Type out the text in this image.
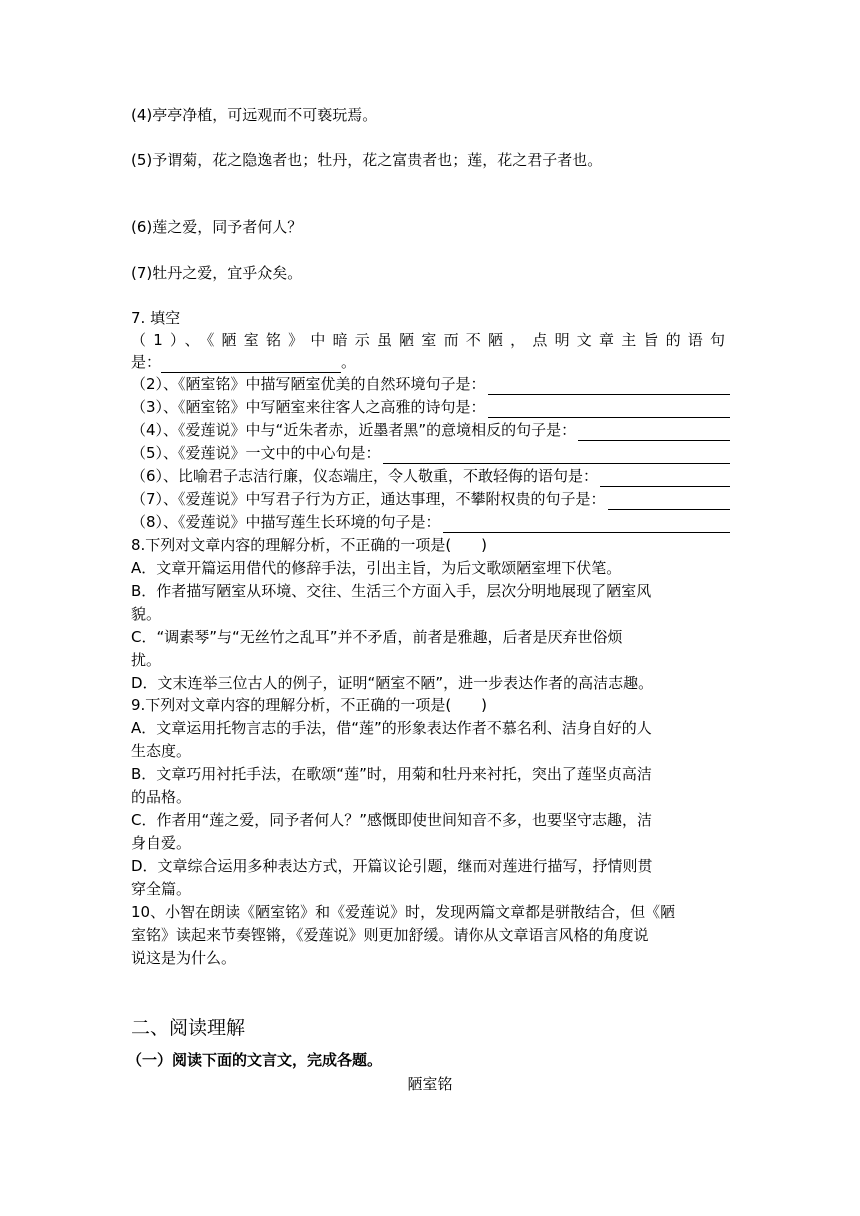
(4)亭亭净植，可远观而不可亵玩焉。
(5)予谓菊，花之隐逸者也；牡丹，花之富贵者也；莲，花之君子者也。
(6)莲之爱，同予者何人？
(7)牡丹之爱，宜乎众矣。
7. 填空
（1）、《陋室铭》中暗示虽陋室而不陋，点明文章主旨的语句
是：	。
（2）、《陋室铭》中描写陋室优美的自然环境句子是：
（3）、《陋室铭》中写陋室来往客人之高雅的诗句是：
（4）、《爱莲说》中与“近朱者赤，近墨者黑”的意境相反的句子是：
（5）、《爱莲说》一文中的中心句是：
（6）、比喻君子志洁行廉，仪态端庄，令人敬重，不敢轻侮的语句是：
（7）、《爱莲说》中写君子行为方正，通达事理，不攀附权贵的句子是：
（8）、《爱莲说》中描写莲生长环境的句子是：
8.下列对文章内容的理解分析，不正确的一项是(　　)
A．文章开篇运用借代的修辞手法，引出主旨，为后文歌颂陋室埋下伏笔。
B．作者描写陋室从环境、交往、生活三个方面入手，层次分明地展现了陋室风
貌。
C．“调素琴”与“无丝竹之乱耳”并不矛盾，前者是雅趣，后者是厌弃世俗烦
扰。
D．文末连举三位古人的例子，证明“陋室不陋”，进一步表达作者的高洁志趣。
9.下列对文章内容的理解分析，不正确的一项是(　　)
A．文章运用托物言志的手法，借“莲”的形象表达作者不慕名利、洁身自好的人
生态度。
B．文章巧用衬托手法，在歌颂“莲”时，用菊和牡丹来衬托，突出了莲坚贞高洁
的品格。
C．作者用“莲之爱，同予者何人？”感慨即使世间知音不多，也要坚守志趣，洁
身自爱。
D．文章综合运用多种表达方式，开篇议论引题，继而对莲进行描写，抒情则贯
穿全篇。
10、小智在朗读《陋室铭》和《爱莲说》时，发现两篇文章都是骈散结合，但《陋
室铭》读起来节奏铿锵，《爱莲说》则更加舒缓。请你从文章语言风格的角度说
说这是为什么。
二、阅读理解
（一）阅读下面的文言文，完成各题。
陋室铭
